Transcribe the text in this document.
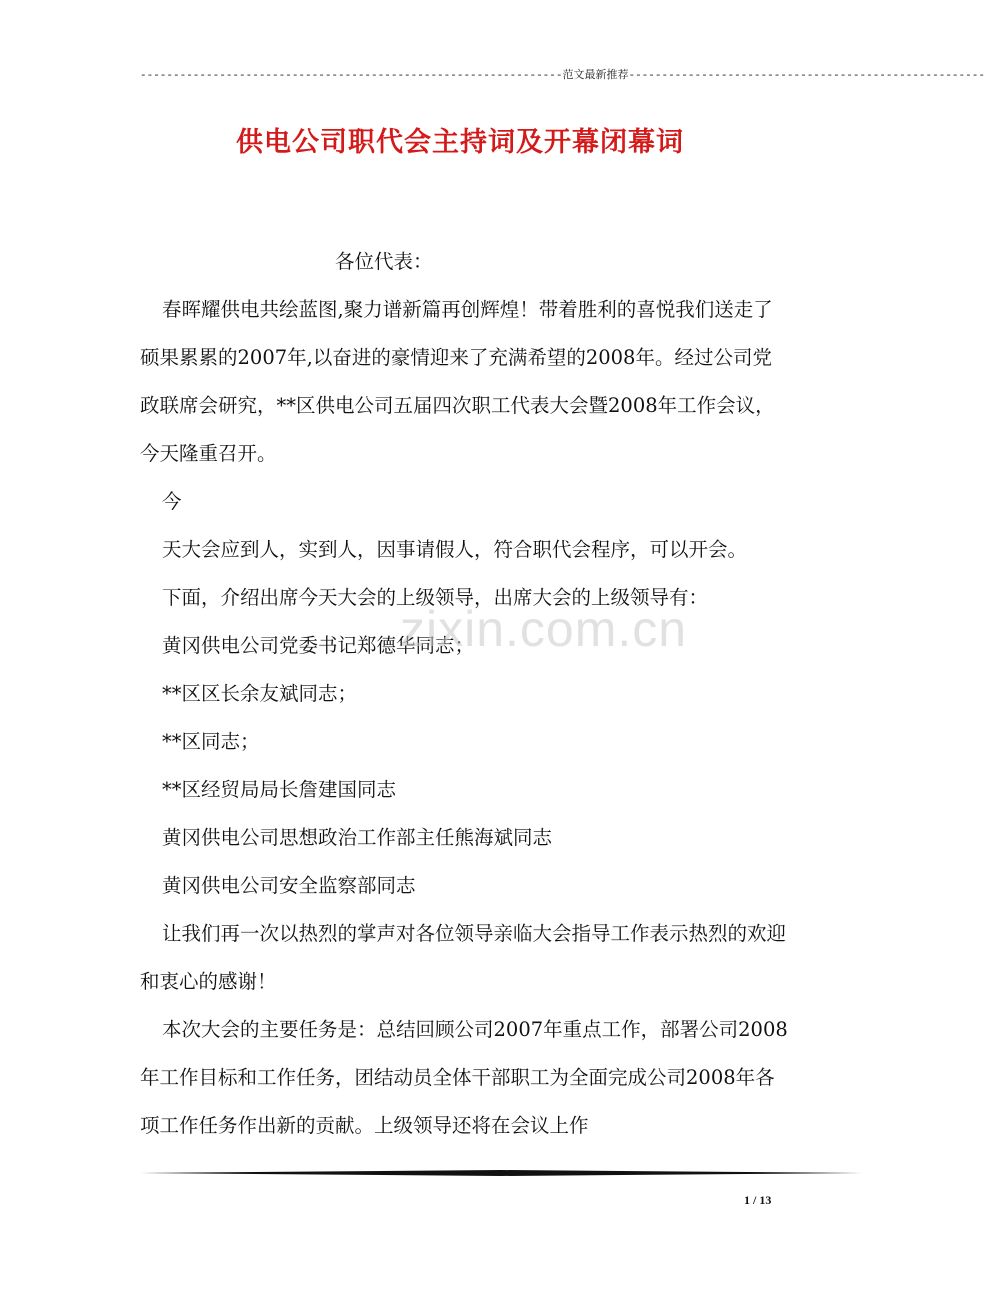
----------------------------------------------------------------范文最新推荐------------------------------------------------------
供电公司职代会主持词及开幕闭幕词

各位代表：

春晖耀供电共绘蓝图,聚力谱新篇再创辉煌！带着胜利的喜悦我们送走了硕果累累的2007年,以奋进的豪情迎来了充满希望的2008年。经过公司党政联席会研究，**区供电公司五届四次职工代表大会暨2008年工作会议，今天隆重召开。

今

天大会应到人，实到人，因事请假人，符合职代会程序，可以开会。

下面，介绍出席今天大会的上级领导，出席大会的上级领导有：

黄冈供电公司党委书记郑德华同志；

**区区长余友斌同志；

**区同志；

**区经贸局局长詹建国同志

黄冈供电公司思想政治工作部主任熊海斌同志

黄冈供电公司安全监察部同志

让我们再一次以热烈的掌声对各位领导亲临大会指导工作表示热烈的欢迎和衷心的感谢！

本次大会的主要任务是：总结回顾公司2007年重点工作，部署公司2008年工作目标和工作任务，团结动员全体干部职工为全面完成公司2008年各项工作任务作出新的贡献。上级领导还将在会议上作

zixin.com.cn
1 / 13
